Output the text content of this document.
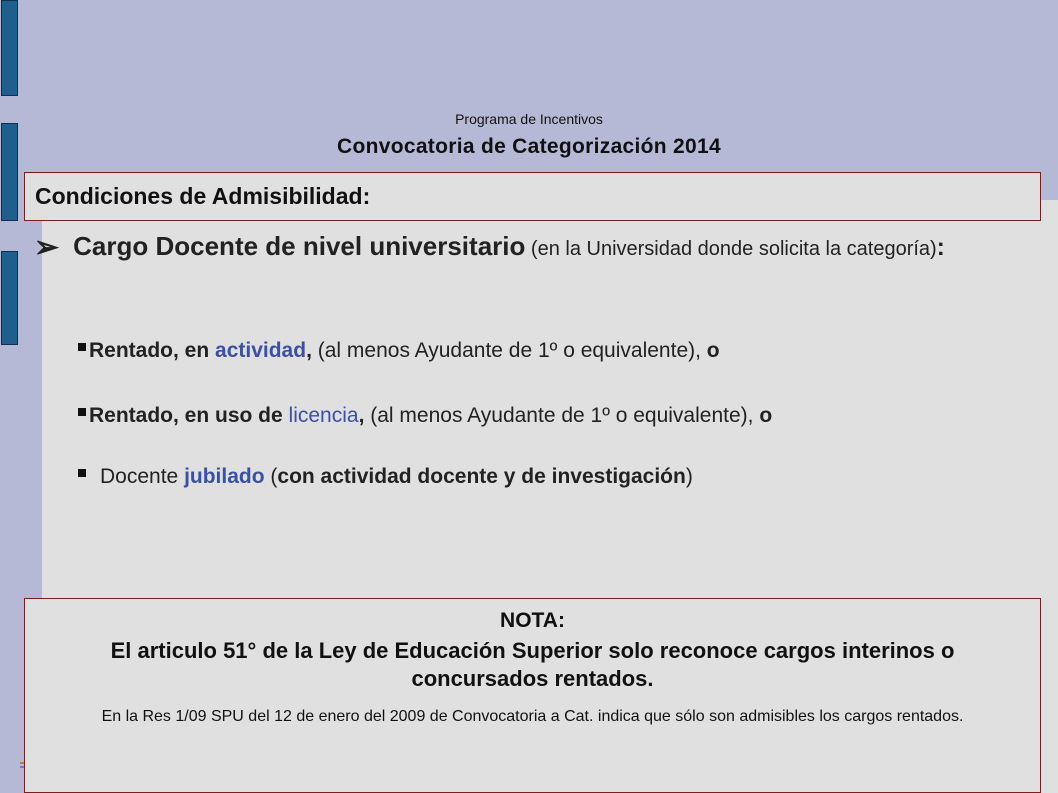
Programa de Incentivos
Convocatoria de Categorización 2014
Condiciones de Admisibilidad:
➢ Cargo Docente de nivel universitario (en la Universidad donde solicita la categoría):
Rentado, en actividad, (al menos Ayudante de 1º o equivalente), o
Rentado, en uso de licencia, (al menos Ayudante de 1º o equivalente), o
Docente jubilado (con actividad docente y de investigación)
NOTA:
El articulo 51° de la Ley de Educación Superior solo reconoce cargos interinos o concursados rentados.
En la Res 1/09 SPU del 12 de enero del 2009 de Convocatoria a Cat. indica que sólo son admisibles los cargos rentados.
